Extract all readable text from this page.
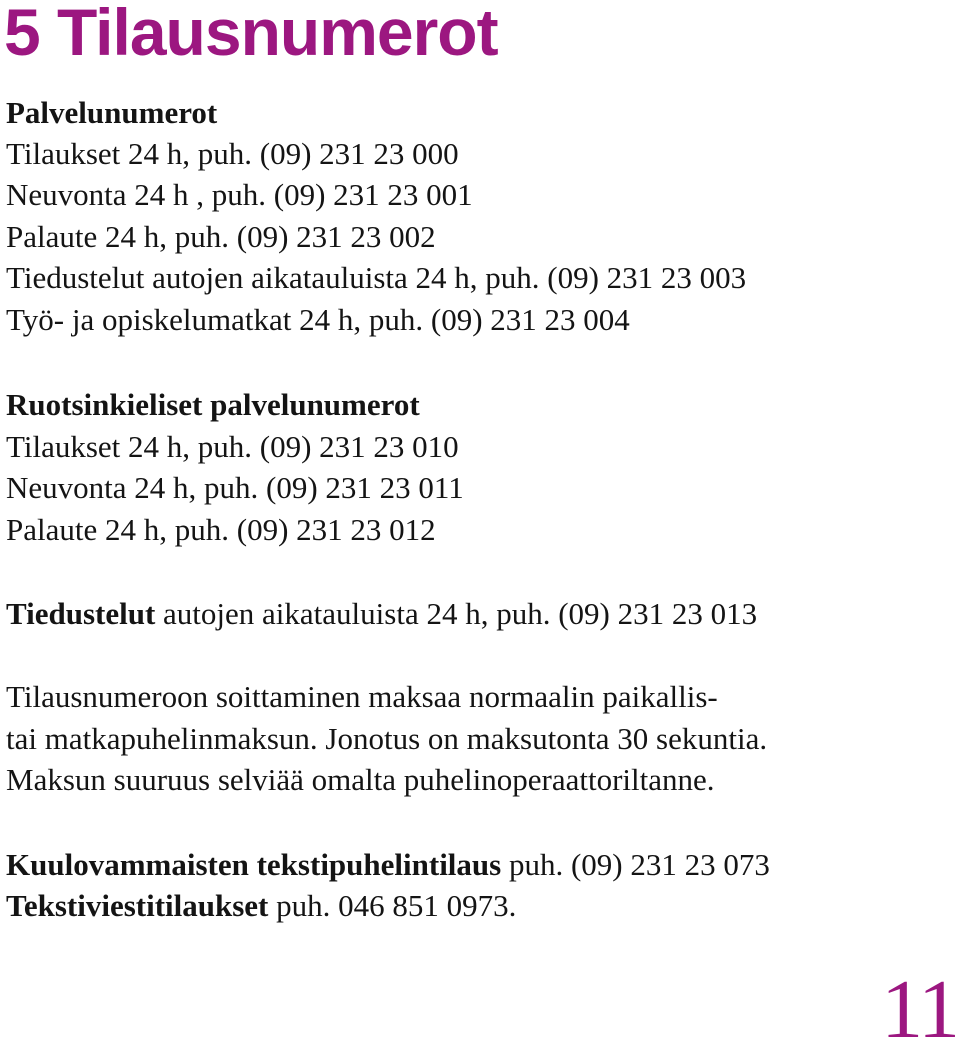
5 Tilausnumerot

Palvelunumerot

Tilaukset 24 h, puh. (09) 231 23 000

Neuvonta 24 h , puh. (09) 231 23 001

Palaute 24 h, puh. (09) 231 23 002

Tiedustelut autojen aikatauluista 24 h, puh. (09) 231 23 003

Työ- ja opiskelumatkat 24 h, puh. (09) 231 23 004

Ruotsinkieliset palvelunumerot

Tilaukset 24 h, puh. (09) 231 23 010

Neuvonta 24 h, puh. (09) 231 23 011

Palaute 24 h, puh. (09) 231 23 012

Tiedustelut autojen aikatauluista 24 h, puh. (09) 231 23 013

Tilausnumeroon soittaminen maksaa normaalin paikallis-

tai matkapuhelinmaksun. Jonotus on maksutonta 30 sekuntia.

Maksun suuruus selviää omalta puhelinoperaattoriltanne.

Kuulovammaisten tekstipuhelintilaus puh. (09) 231 23 073

Tekstiviestitilaukset puh. 046 851 0973.

11
